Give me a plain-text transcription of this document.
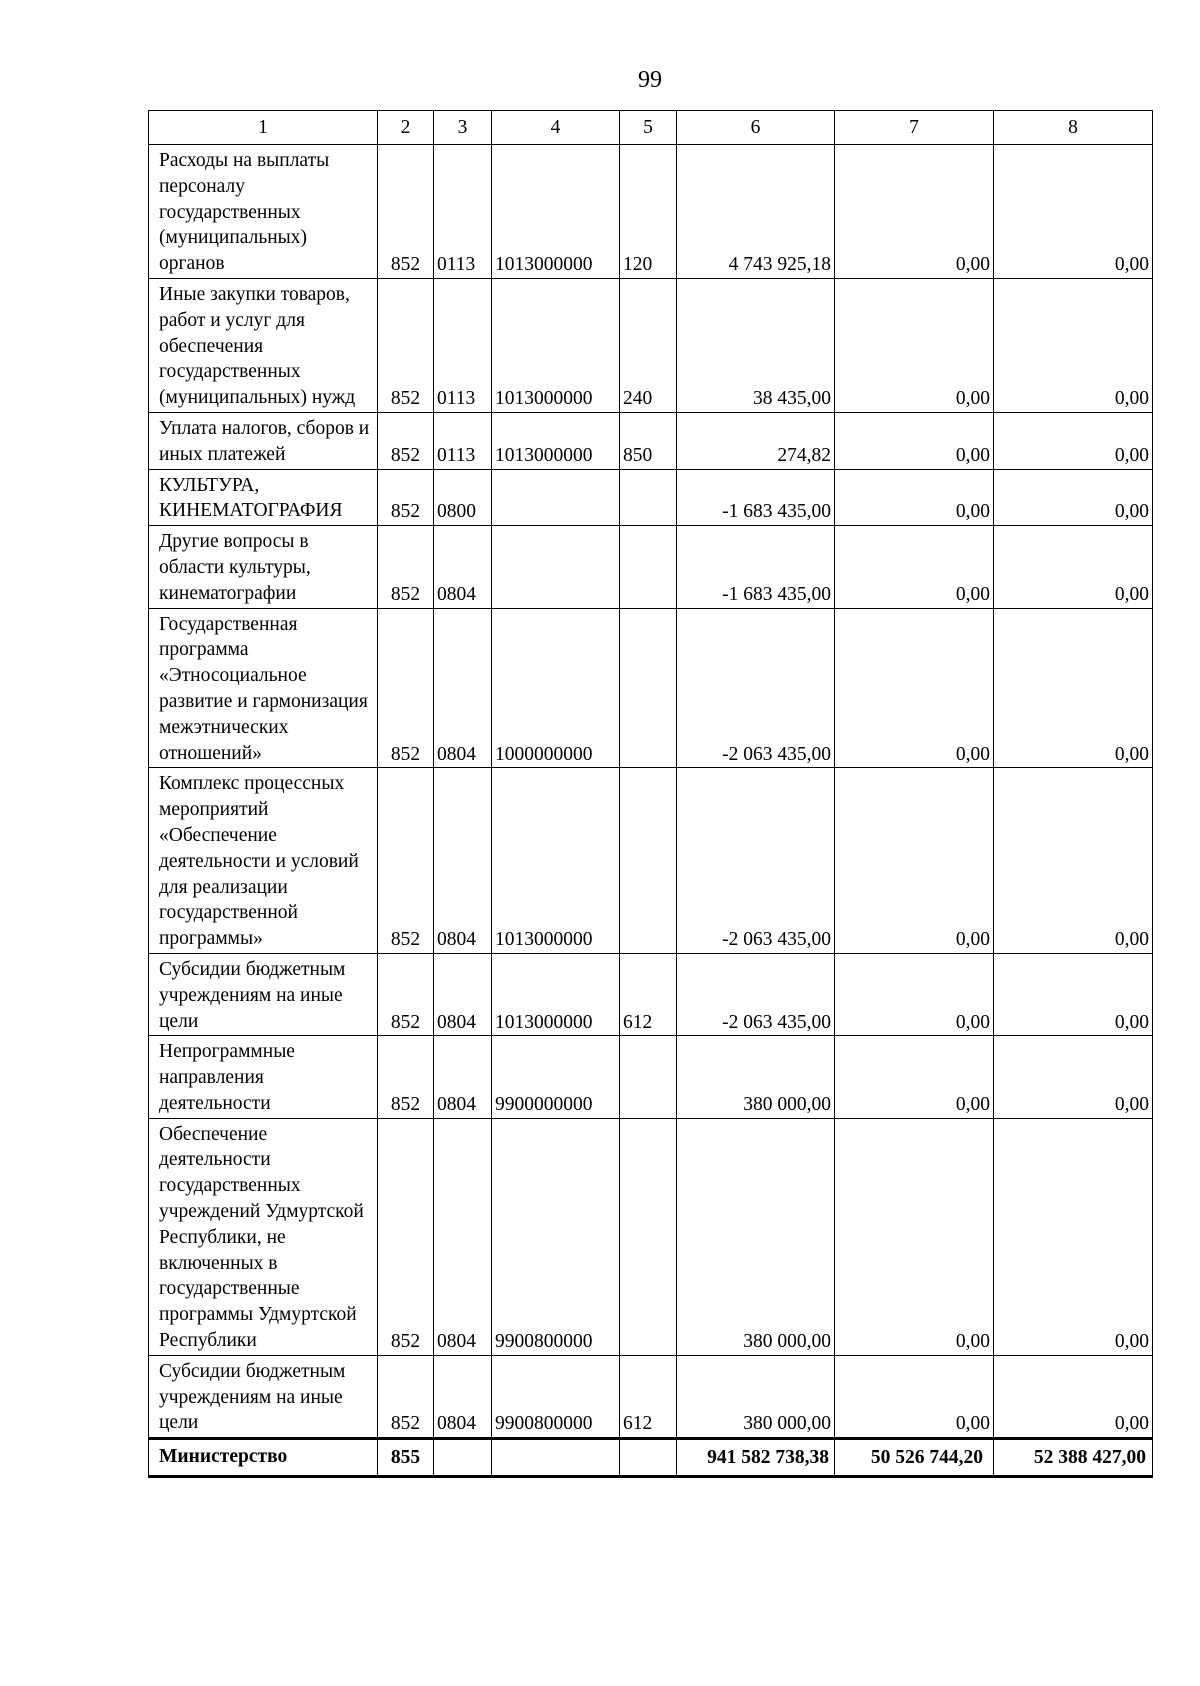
99
1	2	3	4	5	6	7	8
Расходы на выплаты персоналу государственных (муниципальных) органов	852	0113	1013000000	120	4 743 925,18	0,00	0,00
Иные закупки товаров, работ и услуг для обеспечения государственных (муниципальных) нужд	852	0113	1013000000	240	38 435,00	0,00	0,00
Уплата налогов, сборов и иных платежей	852	0113	1013000000	850	274,82	0,00	0,00
КУЛЬТУРА, КИНЕМАТОГРАФИЯ	852	0800			-1 683 435,00	0,00	0,00
Другие вопросы в области культуры, кинематографии	852	0804			-1 683 435,00	0,00	0,00
Государственная программа «Этносоциальное развитие и гармонизация межэтнических отношений»	852	0804	1000000000		-2 063 435,00	0,00	0,00
Комплекс процессных мероприятий «Обеспечение деятельности и условий для реализации государственной программы»	852	0804	1013000000		-2 063 435,00	0,00	0,00
Субсидии бюджетным учреждениям на иные цели	852	0804	1013000000	612	-2 063 435,00	0,00	0,00
Непрограммные направления деятельности	852	0804	9900000000		380 000,00	0,00	0,00
Обеспечение деятельности государственных учреждений Удмуртской Республики, не включенных в государственные программы Удмуртской Республики	852	0804	9900800000		380 000,00	0,00	0,00
Субсидии бюджетным учреждениям на иные цели	852	0804	9900800000	612	380 000,00	0,00	0,00
Министерство	855				941 582 738,38	50 526 744,20	52 388 427,00
